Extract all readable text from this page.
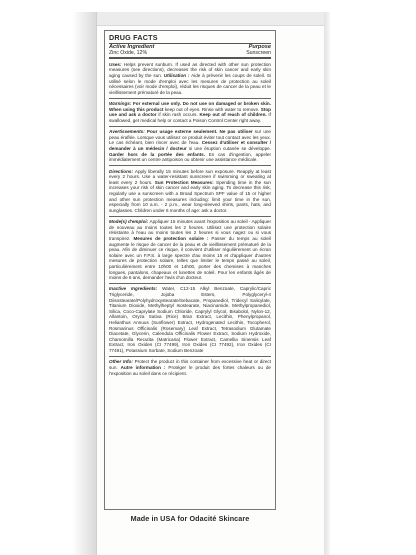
DRUG FACTS
Active Ingredient	Purpose
Zinc Oxide, 12%	Sunscreen
Uses: Helps prevent sunburn. If used as directed with other sun protection measures (see directions), decreases the risk of skin cancer and early skin aging caused by the sun. Utilisation : Aide à prévenir les coups de soleil. Si utilisé selon le mode d'emploi avec les mesures de protection au soleil nécessaires (voir mode d'emploi), réduit les risques de cancer de la peau et le vieillissement prématuré de la peau.
Warnings: For external use only. Do not use on damaged or broken skin. When using this product keep out of eyes. Rinse with water to remove. Stop use and ask a doctor if skin rash occurs. Keep out of reach of children. If swallowed, get medical help or contact a Poison Control Center right away.
Avertissements: Pour usage externe seulement. Ne pas utiliser sur une peau éraflée. Lorsque vous utilisez ce produit éviter tout contact avec les yeux. Le cas échéant, bien rincer avec de l'eau. Cessez d'utiliser et consulter / demander à un médecin / docteur si une éruption cutanée se développe. Garder hors de la portée des enfants. En cas d'ingestion, appeler immédiatement un centre antipoison ou obtenir une assistance médicale.
Directions: Apply liberally 15 minutes before sun exposure. Reapply at least every 2 hours. Use a water-resistant sunscreen if swimming or sweating at least every 2 hours. Sun Protection Measures: Spending time in the sun increases your risk of skin cancer and early skin aging. To decrease this risk, regularly use a sunscreen with a Broad Spectrum SPF value of 15 or higher and other sun protection measures including: limit your time in the sun, especially from 10 a.m. - 2 p.m., wear long-sleeved shirts, pants, hats, and sunglasses. Children under 6 months of age: ask a doctor.
Mode(s) d'emploi: Appliquer 15 minutes avant l'exposition au soleil - Appliquer de nouveau au moins toutes les 2 heures. Utilisez une protection solaire résistante à l'eau au moins toutes les 2 heures si vous nagez ou si vous transpirez. Mesures de protection solaire : Passer du temps au soleil augmente le risque de cancer de la peau et de vieillissement prématuré de la peau. Afin de diminuer ce risque, il convient d'utiliser régulièrement un écran solaire avec un F.P.S. à large spectre d'au moins 15 et d'appliquer d'autres mesures de protection solaire, telles que limiter le temps passé au soleil, particulièrement entre 10h00 et 14h00, porter des chemises à manches longues, pantalons, chapeaux et lunettes de soleil. Pour les enfants âgés de moins de 6 ans, demander l'avis d'un docteur.
Inactive Ingredients: Water, C12-15 Alkyl Benzoate, Caprylic/Capric Triglyceride, Jojoba Esters, Polyglyceryl-4 Diisostearate/Polyhydroxystearate/Sebacate, Propanediol, Tridecyl Salicylate, Titanium Dioxide, Methylheptyl Isostearate, Niacinamide, Methylpropanediol, Silica, Coco-Caprylate Sodium Chloride, Caprylyl Glycol, Bisabolol, Nylon-12, Allantoin, Oryza Sativa (Rice) Bran Extract, Lecithin, Phenylpropanol, Helianthus Annuus (Sunflower) Extract, Hydrogenated Lecithin, Tocopherol, Rosmarinus Officinalis (Rosemary) Leaf Extract, Tetrasodium Glutamate Diacetate, Glycerin, Calendula Officinalis Flower Extract, Sodium Hydroxide, Chamomilla Recutita (Matricaria) Flower Extract, Camellia Sinensis Leaf Extract, Iron Oxides (CI 77499), Iron Oxides (CI 77492), Iron Oxides (CI 77491), Potassium Sorbate, Sodium Benzoate
Other Info: Protect the product in this container from excessive heat or direct sun. Autre information : Protéger le produit des fortes chaleurs ou de l'exposition au soleil dans ce récipient.
Made in USA for Odacité Skincare
